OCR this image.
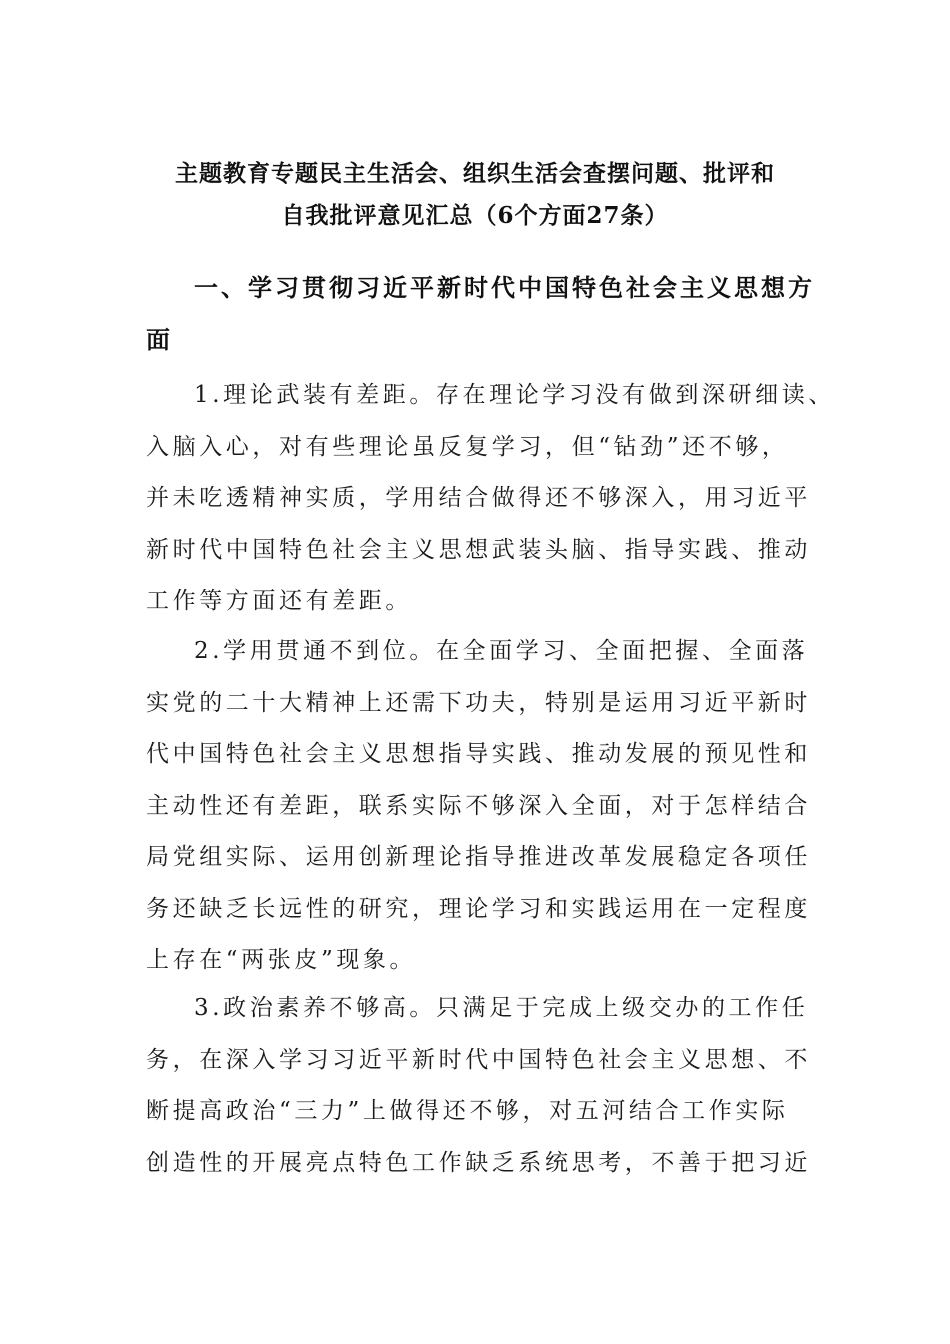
主题教育专题民主生活会、组织生活会查摆问题、批评和
自我批评意见汇总（6个方面27条）
一、学习贯彻习近平新时代中国特色社会主义思想方面
1.理论武装有差距。存在理论学习没有做到深研细读、
入脑入心，对有些理论虽反复学习，但“钻劲”还不够，
并未吃透精神实质，学用结合做得还不够深入，用习近平
新时代中国特色社会主义思想武装头脑、指导实践、推动
工作等方面还有差距。
2.学用贯通不到位。在全面学习、全面把握、全面落
实党的二十大精神上还需下功夫，特别是运用习近平新时
代中国特色社会主义思想指导实践、推动发展的预见性和
主动性还有差距，联系实际不够深入全面，对于怎样结合
局党组实际、运用创新理论指导推进改革发展稳定各项任
务还缺乏长远性的研究，理论学习和实践运用在一定程度
上存在“两张皮”现象。
3.政治素养不够高。只满足于完成上级交办的工作任
务，在深入学习习近平新时代中国特色社会主义思想、不
断提高政治“三力”上做得还不够，对五河结合工作实际
创造性的开展亮点特色工作缺乏系统思考，不善于把习近
